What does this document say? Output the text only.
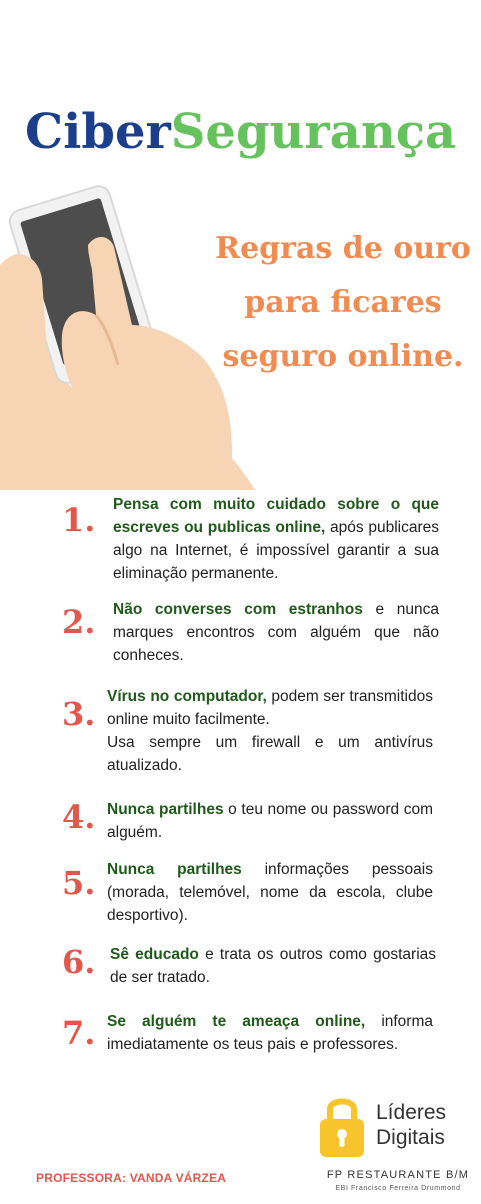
CiberSegurança
Regras de ouro
para ficares
seguro online.
1.	Pensa com muito cuidado sobre o que escreves ou publicas online, após publicares algo na Internet, é impossível garantir a sua eliminação permanente.
2.	Não converses com estranhos e nunca marques encontros com alguém que não conheces.
3. Vírus no computador, podem ser transmitidos online muito facilmente.
Usa sempre um firewall e um antivírus atualizado.
4. Nunca partilhes o teu nome ou password com alguém.
5. Nunca partilhes informações pessoais (morada, telemóvel, nome da escola, clube desportivo).
6. Sê educado e trata os outros como gostarias de ser tratado.
7. Se alguém te ameaça online, informa imediatamente os teus pais e professores.
PROFESSORA: VANDA VÁRZEA
Líderes
Digitais
FP RESTAURANTE B/M
EBI Francisco Ferreira Drummond
